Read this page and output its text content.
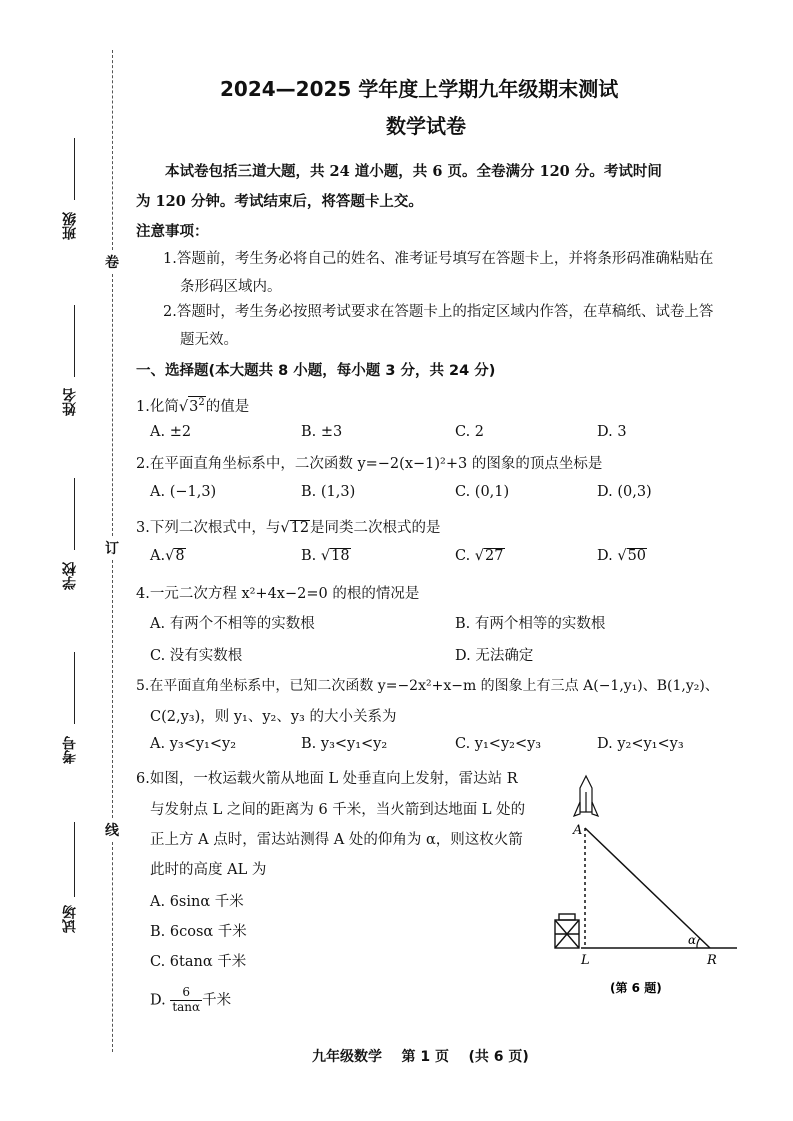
班级
姓名
学校
考号
试场
卷
订
线
2024—2025 学年度上学期九年级期末测试
数学试卷
本试卷包括三道大题，共 24 道小题，共 6 页。全卷满分 120 分。考试时间
为 120 分钟。考试结束后，将答题卡上交。
注意事项：
1.答题前，考生务必将自己的姓名、准考证号填写在答题卡上，并将条形码准确粘贴在
条形码区域内。
2.答题时，考生务必按照考试要求在答题卡上的指定区域内作答，在草稿纸、试卷上答
题无效。
一、选择题(本大题共 8 小题，每小题 3 分，共 24 分)
1.化简$√3^2$的值是
A. ±2	B. ±3	C. 2	D. 3
2.在平面直角坐标系中，二次函数 y=−2(x−1)²+3 的图象的顶点坐标是
A. (−1,3)	B. (1,3)	C. (0,1)	D. (0,3)
3.下列二次根式中，与√12是同类二次根式的是
A.√8	B. √18	C. √27	D. √50
4.一元二次方程 x²+4x−2=0 的根的情况是
A. 有两个不相等的实数根	B. 有两个相等的实数根
C. 没有实数根	D. 无法确定
5.在平面直角坐标系中，已知二次函数 y=−2x²+x−m 的图象上有三点 A(−1,y₁)、B(1,y₂)、
C(2,y₃)，则 y₁、y₂、y₃ 的大小关系为
A. y₃<y₁<y₂	B. y₃<y₁<y₂	C. y₁<y₂<y₃	D. y₂<y₁<y₃
6.如图，一枚运载火箭从地面 L 处垂直向上发射，雷达站 R
与发射点 L 之间的距离为 6 千米，当火箭到达地面 L 处的
正上方 A 点时，雷达站测得 A 处的仰角为 α，则这枚火箭
此时的高度 AL 为
A. 6sinα 千米
B. 6cosα 千米
C. 6tanα 千米
D. $\frac{6}{\tan\alpha}$ 千米
α
A
L	R
(第 6 题)
九年级数学    第 1 页    (共 6 页)
